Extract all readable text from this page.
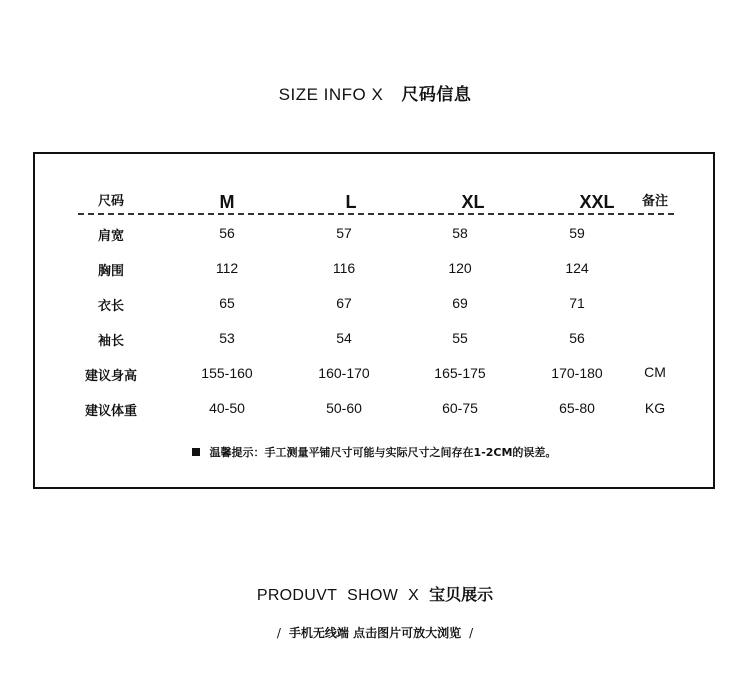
SIZE INFO X 尺码信息
尺码	M	L	XL	XXL	备注
肩宽	56	57	58	59
胸围	112	116	120	124
衣长	65	67	69	71
袖长	53	54	55	56
建议身高	155-160	160-170	165-175	170-180	CM
建议体重	40-50	50-60	60-75	65-80	KG
温馨提示：手工测量平铺尺寸可能与实际尺寸之间存在1-2CM的误差。
PRODUVT SHOW X 宝贝展示
/ 手机无线端 点击图片可放大浏览 /
